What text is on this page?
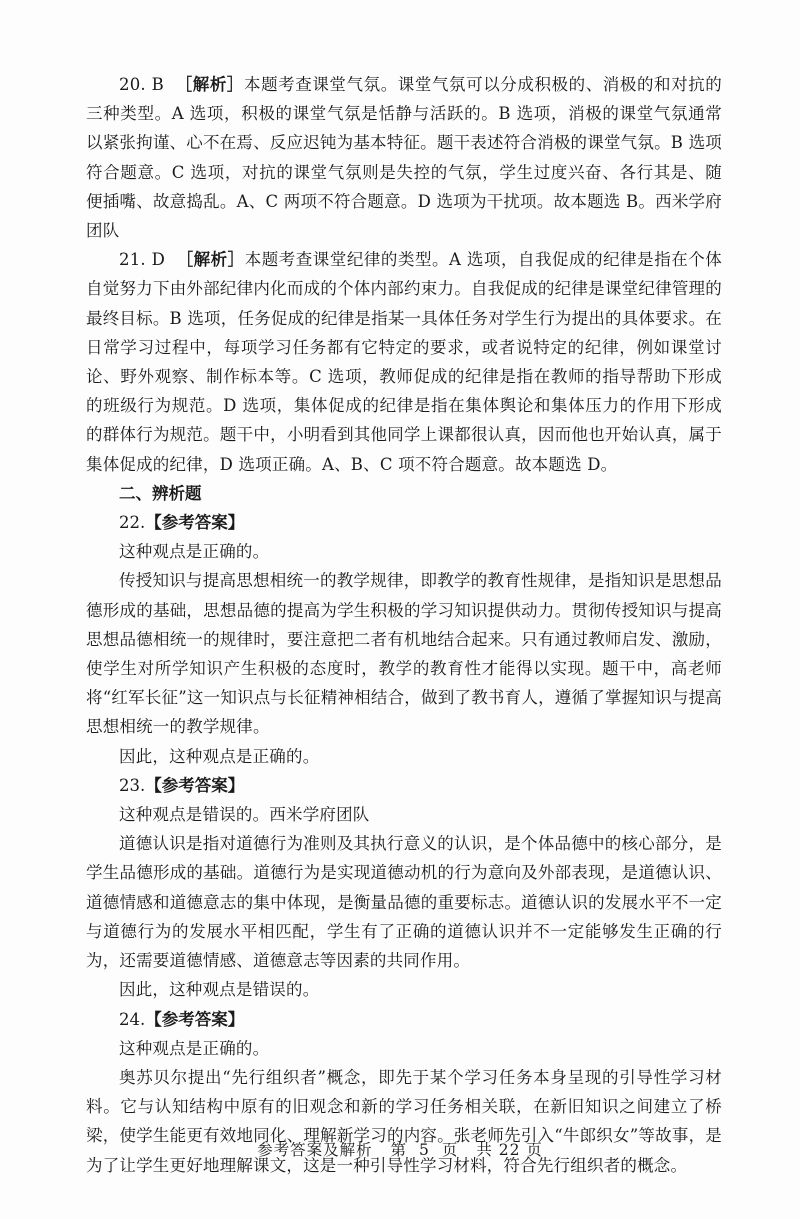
20. B ［解析］本题考查课堂气氛。课堂气氛可以分成积极的、消极的和对抗的三种类型。A 选项，积极的课堂气氛是恬静与活跃的。B 选项，消极的课堂气氛通常以紧张拘谨、心不在焉、反应迟钝为基本特征。题干表述符合消极的课堂气氛。B 选项符合题意。C 选项，对抗的课堂气氛则是失控的气氛，学生过度兴奋、各行其是、随便插嘴、故意捣乱。A、C 两项不符合题意。D 选项为干扰项。故本题选 B。西米学府团队

21. D ［解析］本题考查课堂纪律的类型。A 选项，自我促成的纪律是指在个体自觉努力下由外部纪律内化而成的个体内部约束力。自我促成的纪律是课堂纪律管理的最终目标。B 选项，任务促成的纪律是指某一具体任务对学生行为提出的具体要求。在日常学习过程中，每项学习任务都有它特定的要求，或者说特定的纪律，例如课堂讨论、野外观察、制作标本等。C 选项，教师促成的纪律是指在教师的指导帮助下形成的班级行为规范。D 选项，集体促成的纪律是指在集体舆论和集体压力的作用下形成的群体行为规范。题干中，小明看到其他同学上课都很认真，因而他也开始认真，属于集体促成的纪律，D 选项正确。A、B、C 项不符合题意。故本题选 D。

二、辨析题

22.【参考答案】

这种观点是正确的。

传授知识与提高思想相统一的教学规律，即教学的教育性规律，是指知识是思想品德形成的基础，思想品德的提高为学生积极的学习知识提供动力。贯彻传授知识与提高思想品德相统一的规律时，要注意把二者有机地结合起来。只有通过教师启发、激励，使学生对所学知识产生积极的态度时，教学的教育性才能得以实现。题干中，高老师将“红军长征”这一知识点与长征精神相结合，做到了教书育人，遵循了掌握知识与提高思想相统一的教学规律。

因此，这种观点是正确的。

23.【参考答案】

这种观点是错误的。西米学府团队

道德认识是指对道德行为准则及其执行意义的认识，是个体品德中的核心部分，是学生品德形成的基础。道德行为是实现道德动机的行为意向及外部表现，是道德认识、道德情感和道德意志的集中体现，是衡量品德的重要标志。道德认识的发展水平不一定与道德行为的发展水平相匹配，学生有了正确的道德认识并不一定能够发生正确的行为，还需要道德情感、道德意志等因素的共同作用。

因此，这种观点是错误的。

24.【参考答案】

这种观点是正确的。

奥苏贝尔提出“先行组织者”概念，即先于某个学习任务本身呈现的引导性学习材料。它与认知结构中原有的旧观念和新的学习任务相关联，在新旧知识之间建立了桥梁，使学生能更有效地同化、理解新学习的内容。张老师先引入“牛郎织女”等故事，是为了让学生更好地理解课文，这是一种引导性学习材料，符合先行组织者的概念。

参考答案及解析 第 5 页 共 22 页
